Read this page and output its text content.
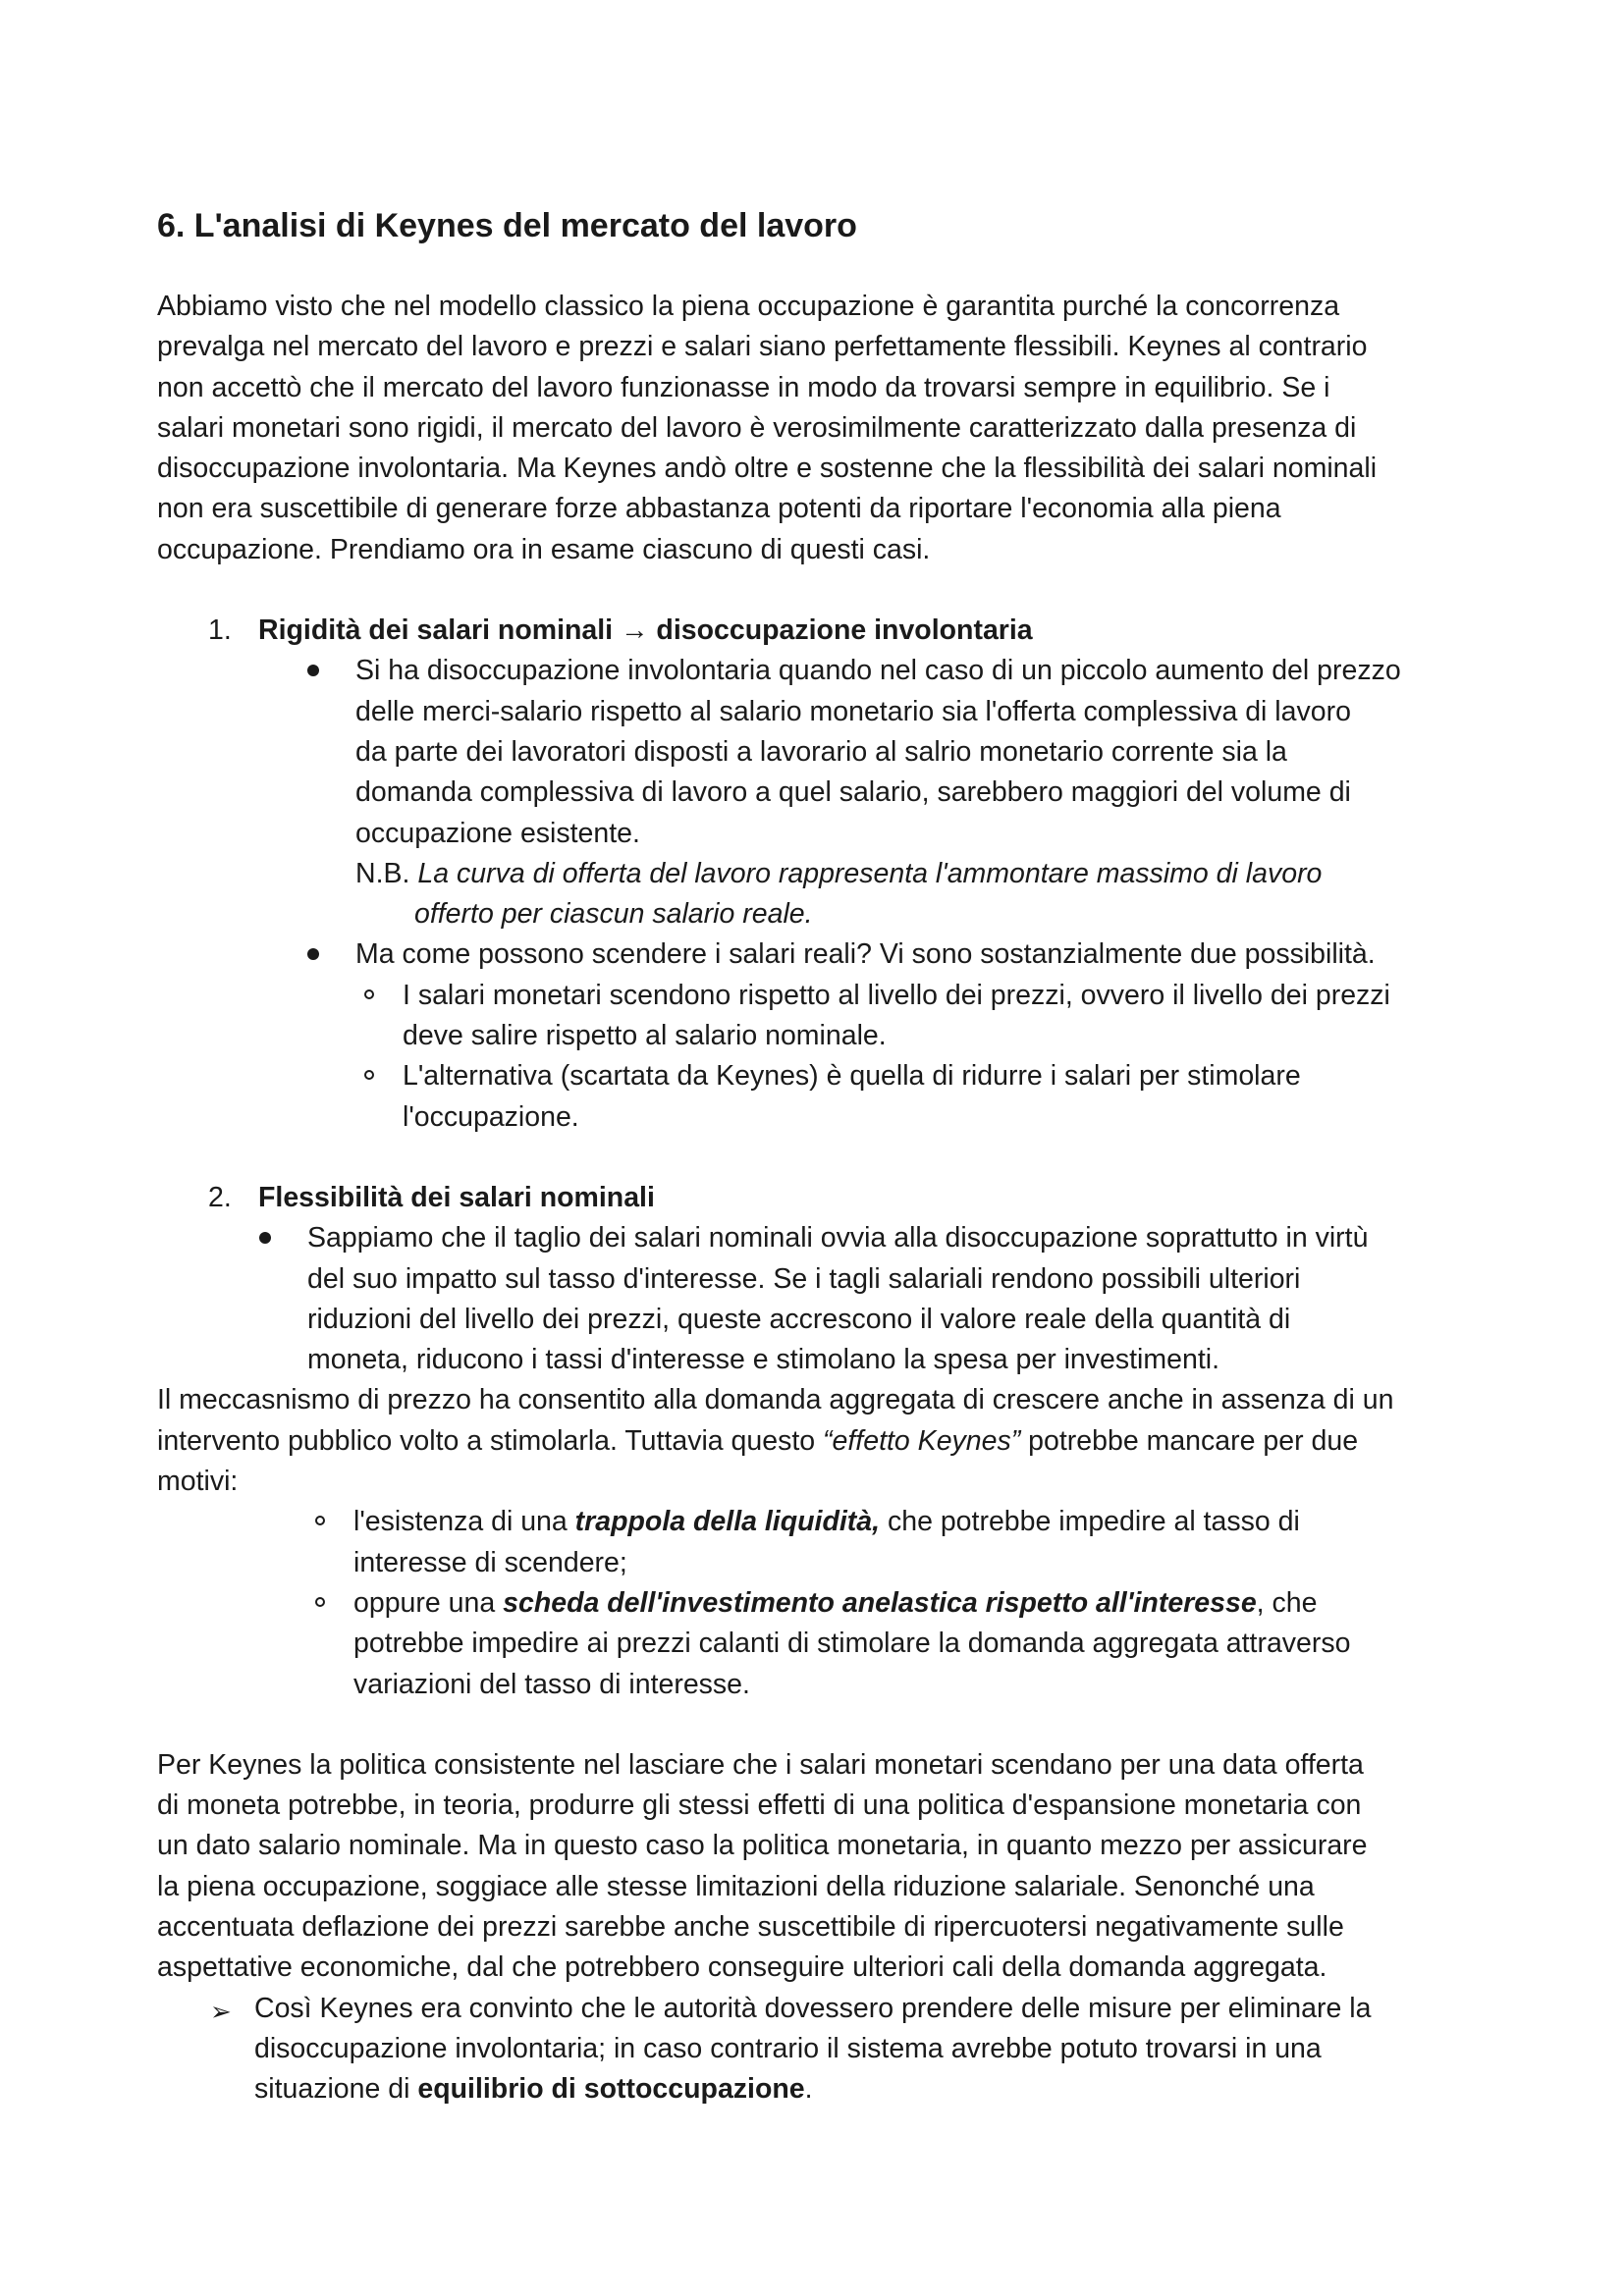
6. L'analisi di Keynes del mercato del lavoro
Abbiamo visto che nel modello classico la piena occupazione è garantita purché la concorrenza
prevalga nel mercato del lavoro e prezzi e salari siano perfettamente flessibili. Keynes al contrario
non accettò che il mercato del lavoro funzionasse in modo da trovarsi sempre in equilibrio. Se i
salari monetari sono rigidi, il mercato del lavoro è verosimilmente caratterizzato dalla presenza di
disoccupazione involontaria. Ma Keynes andò oltre e sostenne che la flessibilità dei salari nominali
non era suscettibile di generare forze abbastanza potenti da riportare l'economia alla piena
occupazione. Prendiamo ora in esame ciascuno di questi casi.
1. Rigidità dei salari nominali → disoccupazione involontaria
Si ha disoccupazione involontaria quando nel caso di un piccolo aumento del prezzo
delle merci-salario rispetto al salario monetario sia l'offerta complessiva di lavoro
da parte dei lavoratori disposti a lavorario al salrio monetario corrente sia la
domanda complessiva di lavoro a quel salario, sarebbero maggiori del volume di
occupazione esistente.
N.B. La curva di offerta del lavoro rappresenta l'ammontare massimo di lavoro
offerto per ciascun salario reale.
Ma come possono scendere i salari reali? Vi sono sostanzialmente due possibilità.
I salari monetari scendono rispetto al livello dei prezzi, ovvero il livello dei prezzi
deve salire rispetto al salario nominale.
L'alternativa (scartata da Keynes) è quella di ridurre i salari per stimolare
l'occupazione.
2. Flessibilità dei salari nominali
Sappiamo che il taglio dei salari nominali ovvia alla disoccupazione soprattutto in virtù
del suo impatto sul tasso d'interesse. Se i tagli salariali rendono possibili ulteriori
riduzioni del livello dei prezzi, queste accrescono il valore reale della quantità di
moneta, riducono i tassi d'interesse e stimolano la spesa per investimenti.
Il meccasnismo di prezzo ha consentito alla domanda aggregata di crescere anche in assenza di un
intervento pubblico volto a stimolarla. Tuttavia questo “effetto Keynes” potrebbe mancare per due
motivi:
l'esistenza di una trappola della liquidità, che potrebbe impedire al tasso di
interesse di scendere;
oppure una scheda dell'investimento anelastica rispetto all'interesse, che
potrebbe impedire ai prezzi calanti di stimolare la domanda aggregata attraverso
variazioni del tasso di interesse.
Per Keynes la politica consistente nel lasciare che i salari monetari scendano per una data offerta
di moneta potrebbe, in teoria, produrre gli stessi effetti di una politica d'espansione monetaria con
un dato salario nominale. Ma in questo caso la politica monetaria, in quanto mezzo per assicurare
la piena occupazione, soggiace alle stesse limitazioni della riduzione salariale. Senonché una
accentuata deflazione dei prezzi sarebbe anche suscettibile di ripercuotersi negativamente sulle
aspettative economiche, dal che potrebbero conseguire ulteriori cali della domanda aggregata.
➢ Così Keynes era convinto che le autorità dovessero prendere delle misure per eliminare la
disoccupazione involontaria; in caso contrario il sistema avrebbe potuto trovarsi in una
situazione di equilibrio di sottoccupazione.
